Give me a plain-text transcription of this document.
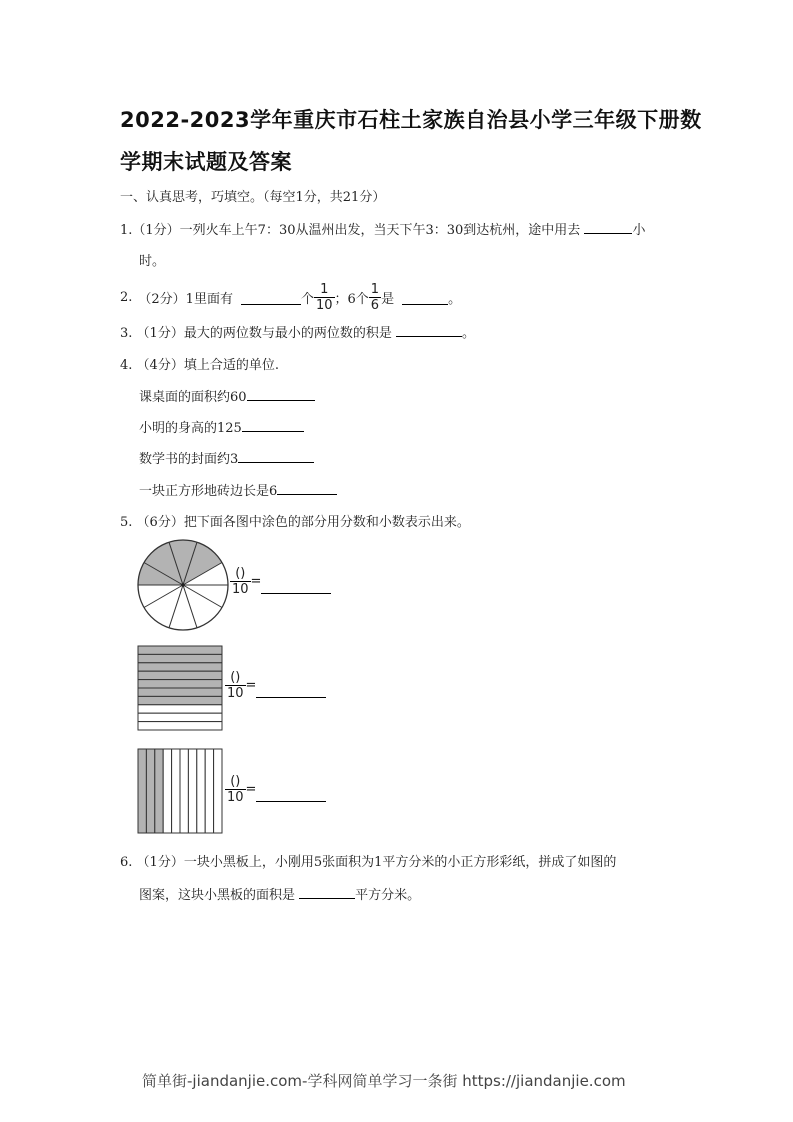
2022-2023学年重庆市石柱土家族自治县小学三年级下册数
学期末试题及答案
一、认真思考，巧填空。（每空1分，共21分）
1.（1分）一列火车上午7：30从温州出发，当天下午3：30到达杭州，途中用去	小
时。
2. （2分）1里面有	个 $\frac{1}{10}$ ；6个 $\frac{1}{6}$ 是	。
3. （1分）最大的两位数与最小的两位数的积是	。
4. （4分）填上合适的单位.
课桌面的面积约60
小明的身高的125
数学书的封面约3
一块正方形地砖边长是6
5. （6分）把下面各图中涂色的部分用分数和小数表示出来。
$\frac{()}{10}$ =
$\frac{()}{10}$ =
$\frac{()}{10}$ =
6. （1分）一块小黑板上，小刚用5张面积为1平方分米的小正方形彩纸，拼成了如图的
图案，这块小黑板的面积是	平方分米。
简单街-jiandanjie.com-学科网简单学习一条街 https://jiandanjie.com
